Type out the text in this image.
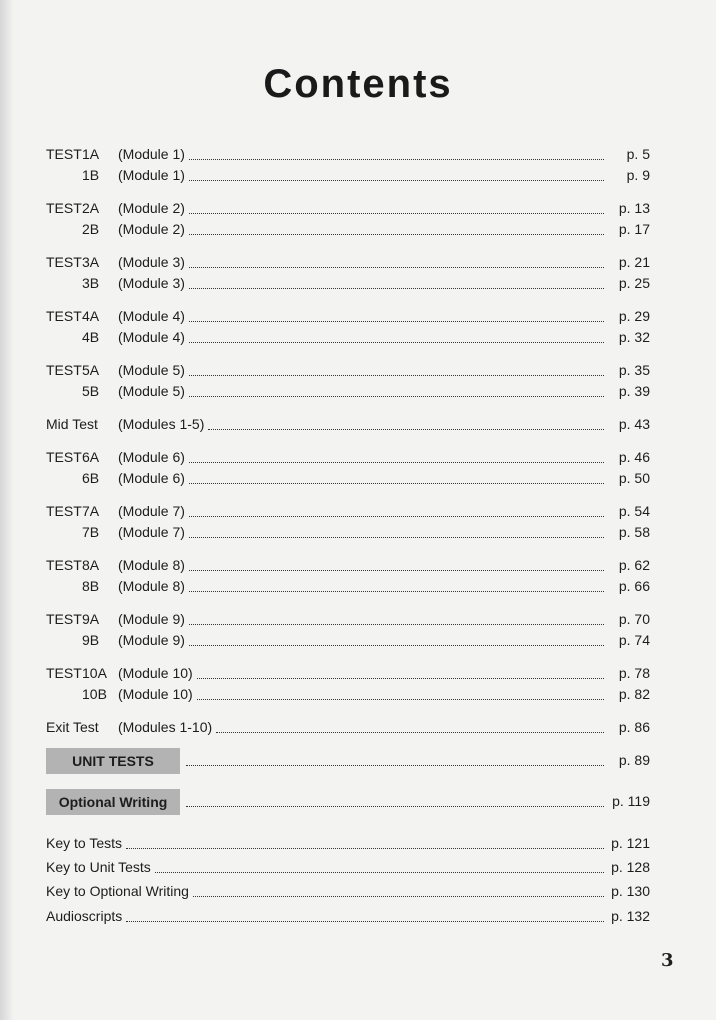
Contents
TEST 1A	(Module 1)	p. 5
1B	(Module 1)	p. 9
TEST 2A	(Module 2)	p. 13
2B	(Module 2)	p. 17
TEST 3A	(Module 3)	p. 21
3B	(Module 3)	p. 25
TEST 4A	(Module 4)	p. 29
4B	(Module 4)	p. 32
TEST 5A	(Module 5)	p. 35
5B	(Module 5)	p. 39
Mid Test (Modules 1-5)	p. 43
TEST 6A	(Module 6)	p. 46
6B	(Module 6)	p. 50
TEST 7A	(Module 7)	p. 54
7B	(Module 7)	p. 58
TEST 8A	(Module 8)	p. 62
8B	(Module 8)	p. 66
TEST 9A	(Module 9)	p. 70
9B	(Module 9)	p. 74
TEST 10A (Module 10)	p. 78
10B (Module 10)	p. 82
Exit Test (Modules 1-10)	p. 86
UNIT TESTS	p. 89
Optional Writing	p. 119
Key to Tests	p. 121
Key to Unit Tests	p. 128
Key to Optional Writing	p. 130
Audioscripts	p. 132
3
